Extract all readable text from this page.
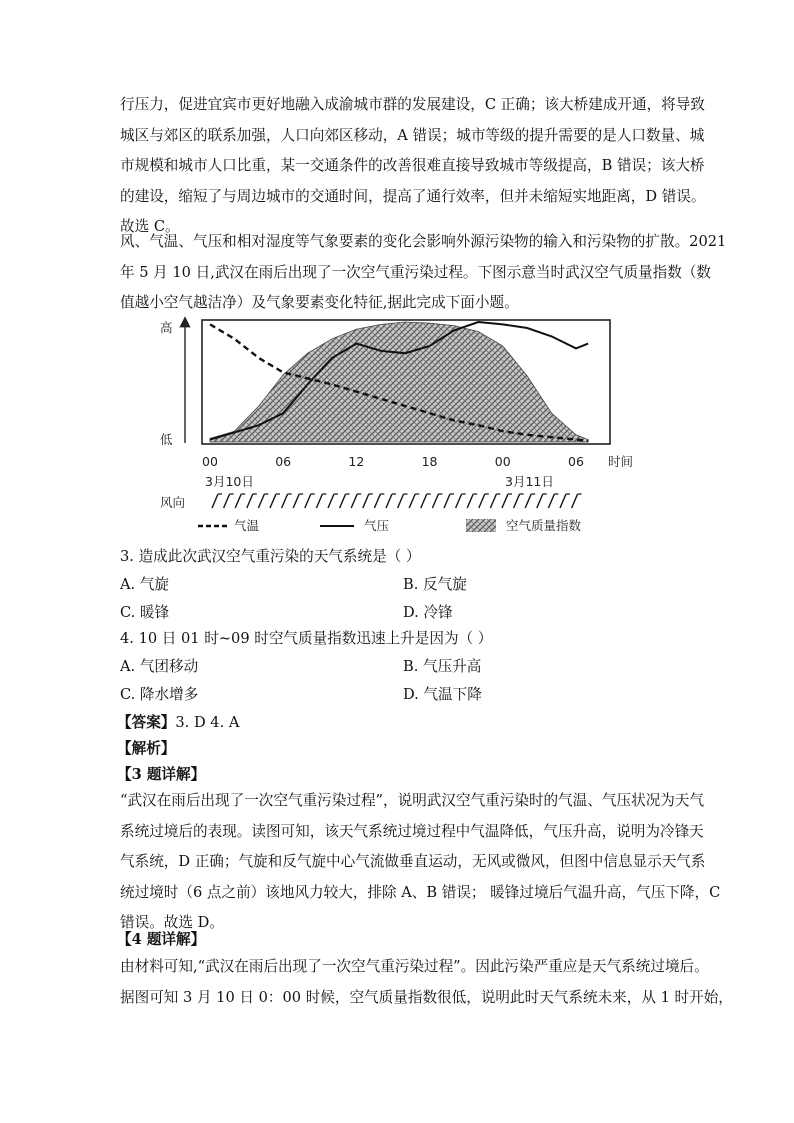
行压力，促进宜宾市更好地融入成渝城市群的发展建设，C 正确；该大桥建成开通，将导致
城区与郊区的联系加强，人口向郊区移动，A 错误；城市等级的提升需要的是人口数量、城
市规模和城市人口比重，某一交通条件的改善很难直接导致城市等级提高，B 错误；该大桥
的建设，缩短了与周边城市的交通时间，提高了通行效率，但并未缩短实地距离，D 错误。
故选 C。
风、气温、气压和相对湿度等气象要素的变化会影响外源污染物的输入和污染物的扩散。2021
年 5 月 10 日,武汉在雨后出现了一次空气重污染过程。下图示意当时武汉空气质量指数（数
值越小空气越洁净）及气象要素变化特征,据此完成下面小题。
高
低
00	06	12	18	00	06 时间
3月10日	3月11日
风向
气温	气压	空气质量指数

3. 造成此次武汉空气重污染的天气系统是（ ）

A. 气旋	B. 反气旋

C. 暖锋	D. 冷锋

4. 10 日 01 时~09 时空气质量指数迅速上升是因为（ ）

A. 气团移动	B. 气压升高

C. 降水增多	D. 气温下降

【答案】3. D 4. A

【解析】

【3 题详解】

“武汉在雨后出现了一次空气重污染过程”，说明武汉空气重污染时的气温、气压状况为天气
系统过境后的表现。读图可知，该天气系统过境过程中气温降低，气压升高，说明为冷锋天
气系统，D 正确；气旋和反气旋中心气流做垂直运动，无风或微风，但图中信息显示天气系
统过境时（6 点之前）该地风力较大，排除 A、B 错误； 暖锋过境后气温升高，气压下降，C
错误。故选 D。

【4 题详解】

由材料可知,“武汉在雨后出现了一次空气重污染过程”。因此污染严重应是天气系统过境后。
据图可知 3 月 10 日 0：00 时候，空气质量指数很低，说明此时天气系统未来，从 1 时开始，
